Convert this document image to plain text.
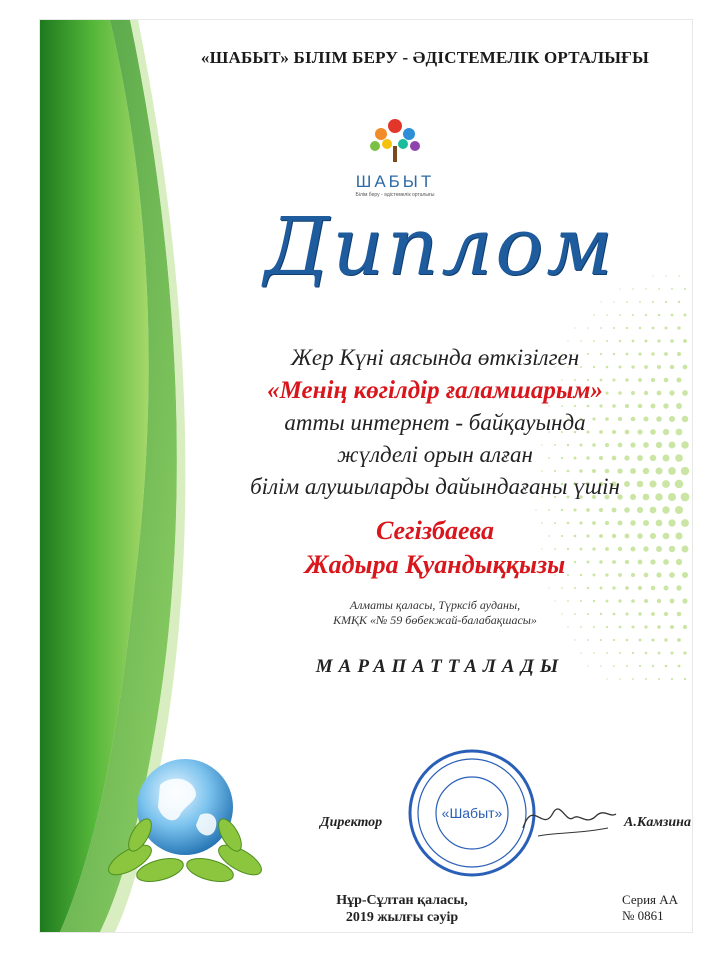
«ШАБЫТ» БІЛІМ БЕРУ - ӘДІСТЕМЕЛІК ОРТАЛЫҒЫ
ШАБЫТ
Білім беру - әдістемелік орталығы
Диплом
Жер Күні аясында өткізілген
«Менің көгілдір ғаламшарым»
атты интернет - байқауында
жүлделі орын алған
білім алушыларды дайындағаны үшін
Сегізбаева
Жадыра Қуандыққызы
Алматы қаласы, Түрксіб ауданы,
КМҚК «№ 59 бөбекжай-балабақшасы»
МАРАПАТТАЛАДЫ
Директор
«Шабыт»
А.Камзина
Нұр-Сұлтан қаласы,
2019 жылғы сәуір
Серия АА
№ 0861
